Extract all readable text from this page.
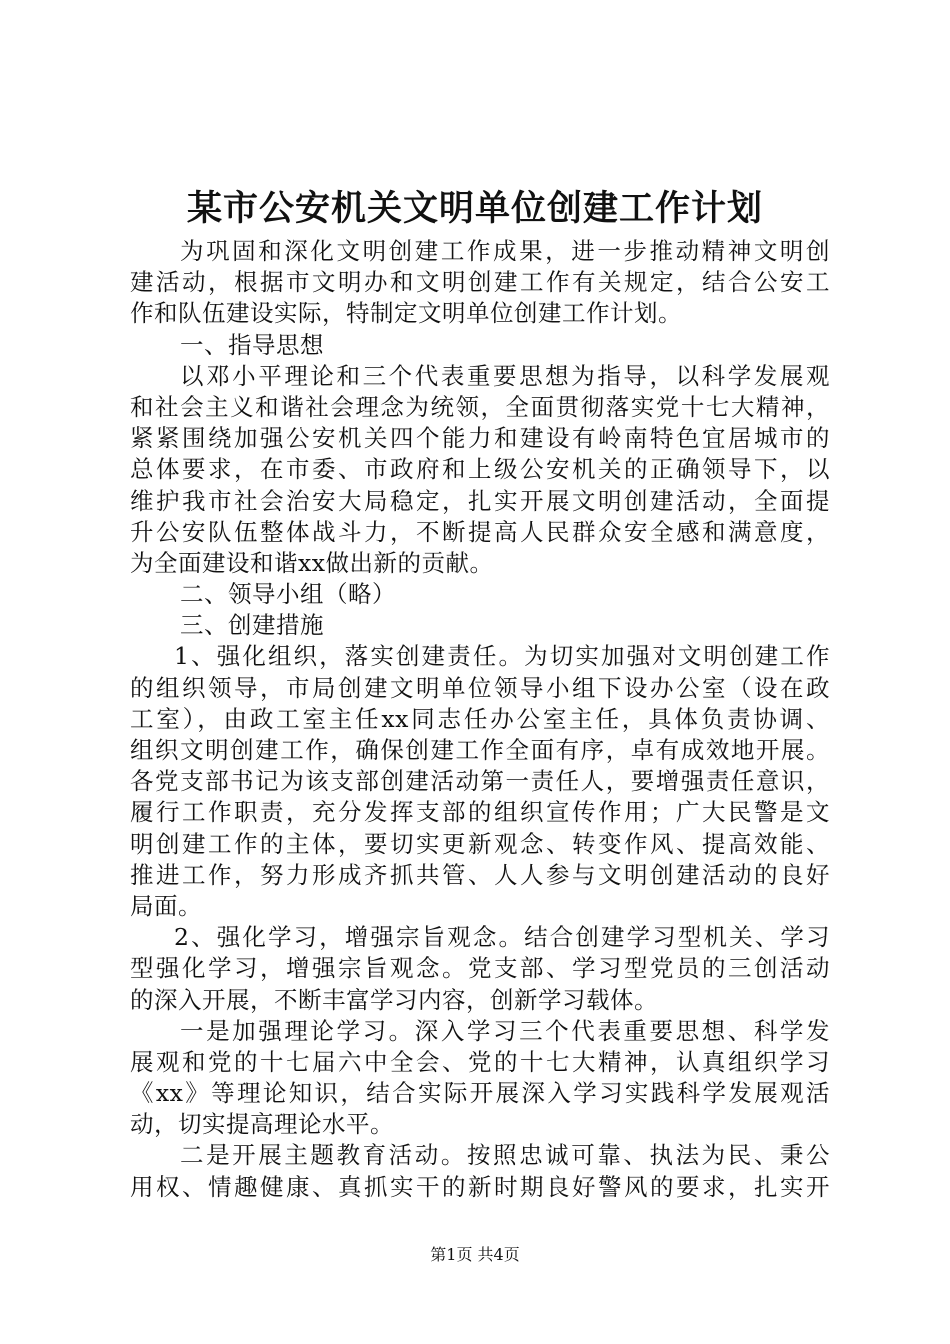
某市公安机关文明单位创建工作计划
为巩固和深化文明创建工作成果，进一步推动精神文明创
建活动，根据市文明办和文明创建工作有关规定，结合公安工
作和队伍建设实际，特制定文明单位创建工作计划。
一、指导思想
以邓小平理论和三个代表重要思想为指导，以科学发展观
和社会主义和谐社会理念为统领，全面贯彻落实党十七大精神，
紧紧围绕加强公安机关四个能力和建设有岭南特色宜居城市的
总体要求，在市委、市政府和上级公安机关的正确领导下，以
维护我市社会治安大局稳定，扎实开展文明创建活动，全面提
升公安队伍整体战斗力，不断提高人民群众安全感和满意度，
为全面建设和谐xx做出新的贡献。
二、领导小组（略）
三、创建措施
1、强化组织，落实创建责任。为切实加强对文明创建工作
的组织领导，市局创建文明单位领导小组下设办公室（设在政
工室），由政工室主任xx同志任办公室主任，具体负责协调、
组织文明创建工作，确保创建工作全面有序，卓有成效地开展。
各党支部书记为该支部创建活动第一责任人，要增强责任意识，
履行工作职责，充分发挥支部的组织宣传作用；广大民警是文
明创建工作的主体，要切实更新观念、转变作风、提高效能、
推进工作，努力形成齐抓共管、人人参与文明创建活动的良好
局面。
2、强化学习，增强宗旨观念。结合创建学习型机关、学习
型强化学习，增强宗旨观念。党支部、学习型党员的三创活动
的深入开展，不断丰富学习内容，创新学习载体。
一是加强理论学习。深入学习三个代表重要思想、科学发
展观和党的十七届六中全会、党的十七大精神，认真组织学习
《xx》等理论知识，结合实际开展深入学习实践科学发展观活
动，切实提高理论水平。
二是开展主题教育活动。按照忠诚可靠、执法为民、秉公
用权、情趣健康、真抓实干的新时期良好警风的要求，扎实开
第1页 共4页
